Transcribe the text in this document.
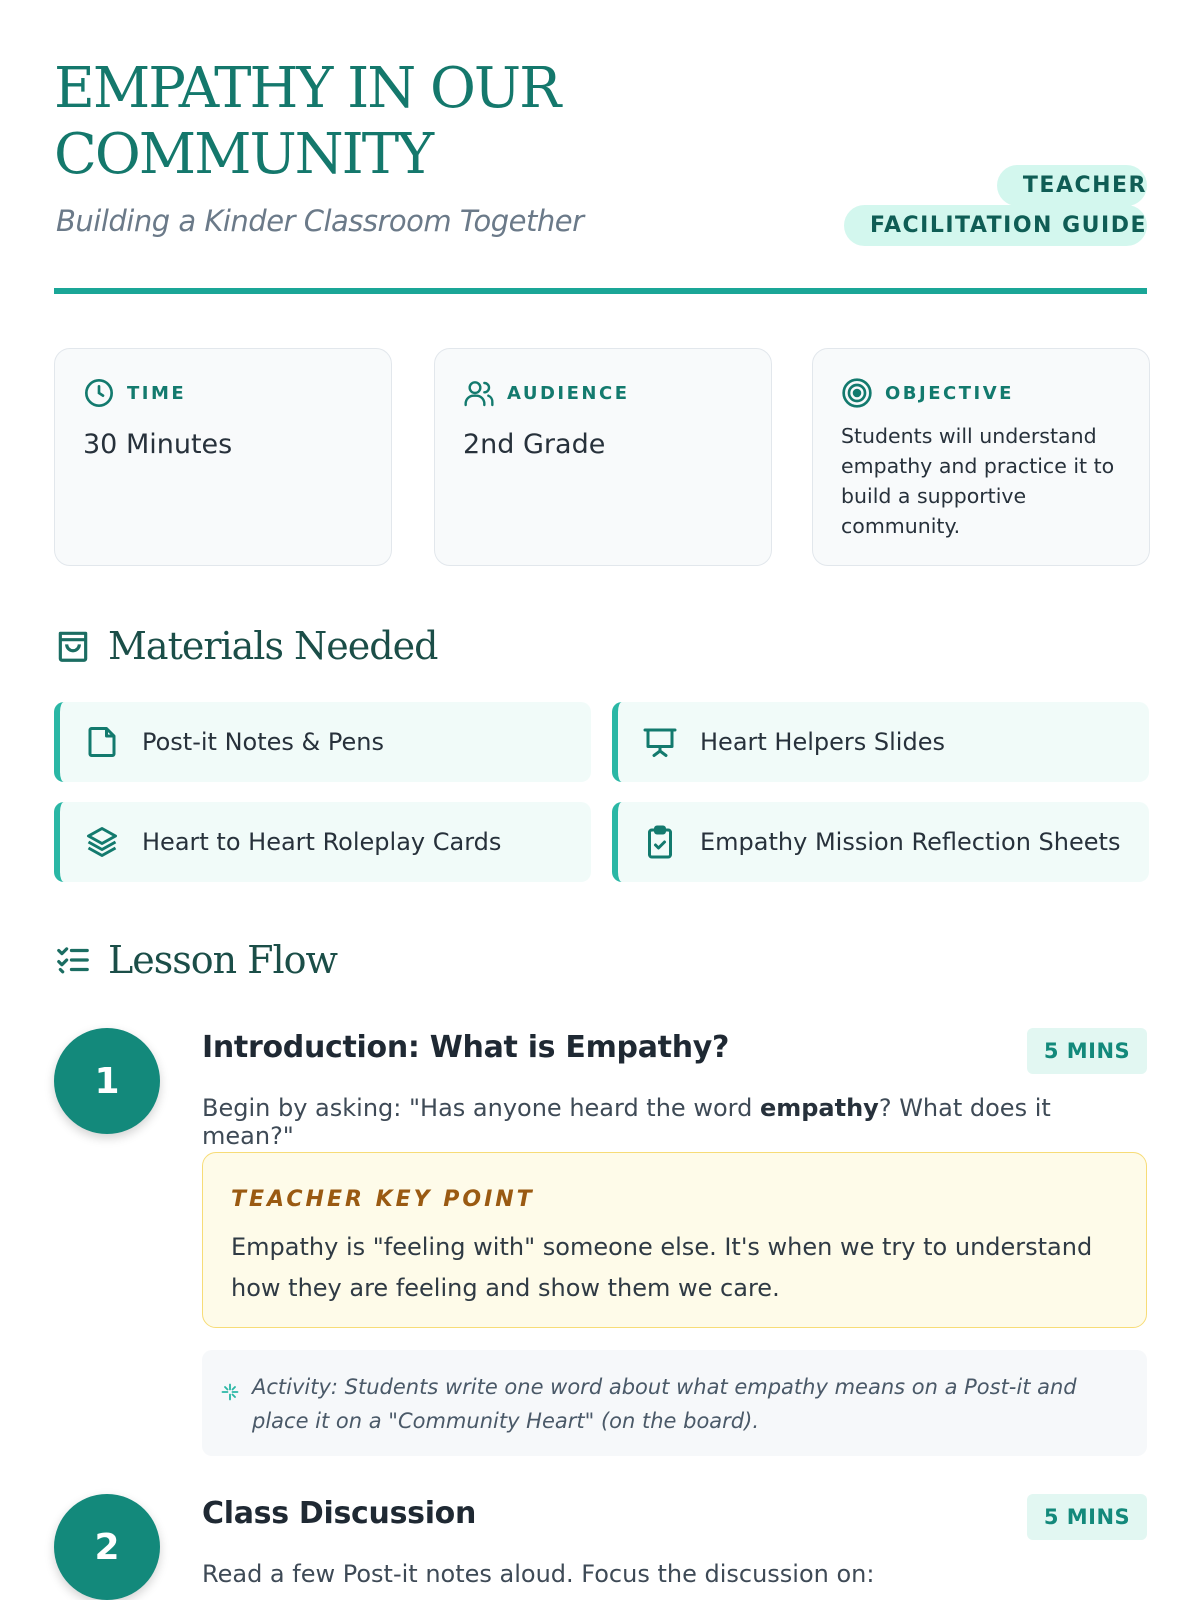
EMPATHY IN OUR COMMUNITY
Building a Kinder Classroom Together
TEACHER FACILITATION GUIDE
TIME
30 Minutes
AUDIENCE
2nd Grade
OBJECTIVE
Students will understand empathy and practice it to build a supportive community.
Materials Needed
Post-it Notes & Pens	Heart Helpers Slides
Heart to Heart Roleplay Cards	Empathy Mission Reflection Sheets
Lesson Flow
1
Introduction: What is Empathy?	5 MINS
Begin by asking: "Has anyone heard the word empathy? What does it mean?"
TEACHER KEY POINT
Empathy is "feeling with" someone else. It's when we try to understand how they are feeling and show them we care.
Activity: Students write one word about what empathy means on a Post-it and place it on a "Community Heart" (on the board).
2
Class Discussion	5 MINS
Read a few Post-it notes aloud. Focus the discussion on:
